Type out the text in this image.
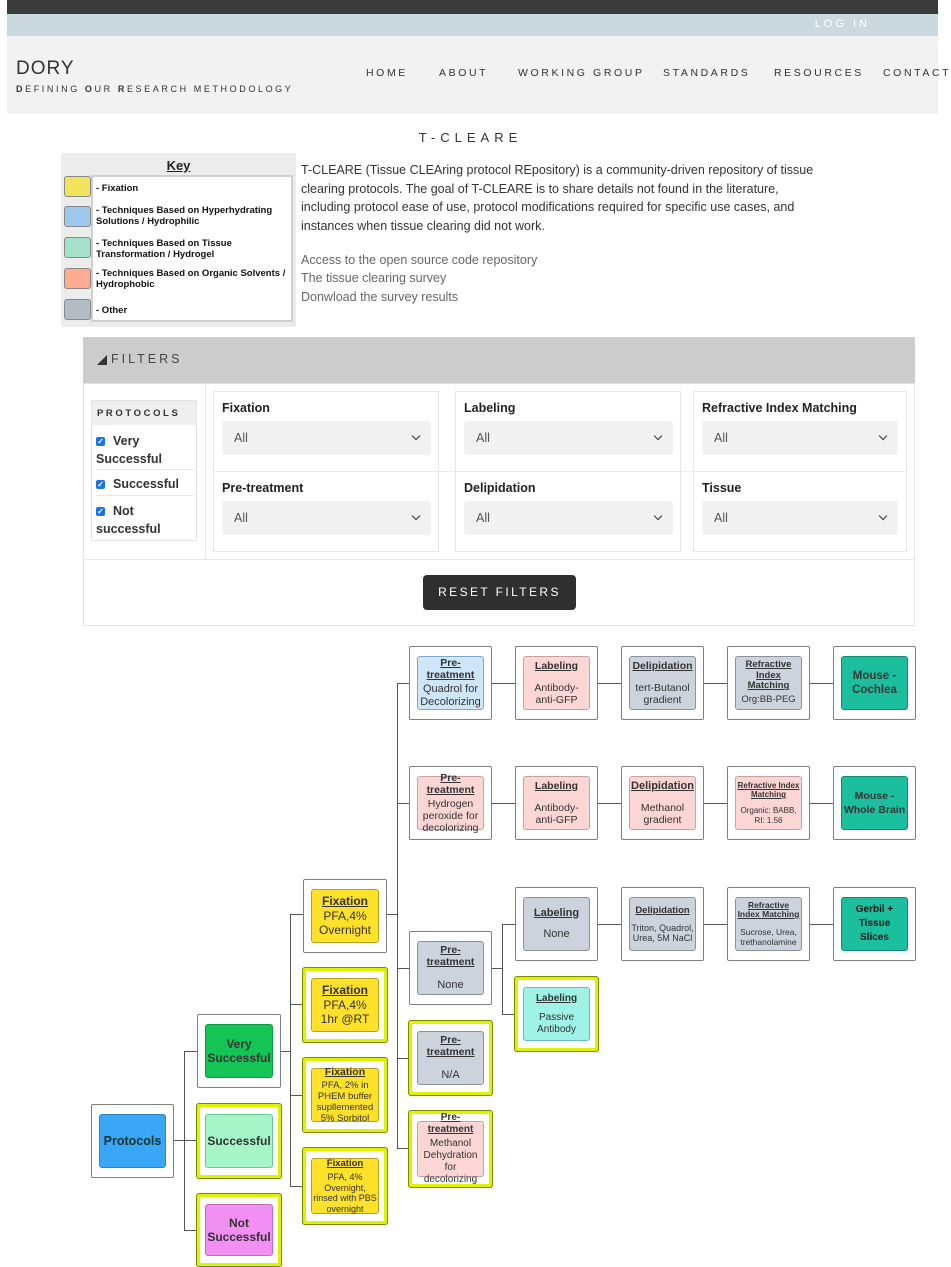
LOG IN
DORY
DEFINING OUR RESEARCH METHODOLOGY
HOME	ABOUT	WORKING GROUP STANDARDS RESOURCES CONTACT
T-CLEARE
Key
- Fixation
- Techniques Based on Hyperhydrating Solutions / Hydrophilic
- Techniques Based on Tissue Transformation / Hydrogel
- Techniques Based on Organic Solvents / Hydrophobic
- Other
T-CLEARE (Tissue CLEAring protocol REpository) is a community-driven repository of tissue clearing protocols. The goal of T-CLEARE is to share details not found in the literature, including protocol ease of use, protocol modifications required for specific use cases, and instances when tissue clearing did not work.
Access to the open source code repository
The tissue clearing survey
Donwload the survey results
FILTERS
PROTOCOLS
✓ Very Successful
✓ Successful
✓ Not successful
Fixation
All
Labeling
All
Refractive Index Matching
All
Pre-treatment
All
Delipidation
All
Tissue
All
RESET FILTERS
Protocols
Very Successful
Successful
Not Successful
Fixation
PFA,4% Overnight
Fixation
PFA,4% 1hr @RT
Fixation
PFA, 2% in PHEM buffer supllemented 5% Sorbitol
Fixation
PFA, 4% Overnight, rinsed with PBS overnight
Pre-treatment
Quadrol for Decolorizing
Pre-treatment
Hydrogen peroxide for decolorizing
Pre-treatment
None
Pre-treatment
N/A
Pre-treatment
Methanol Dehydration for decolorizing
Labeling
Antibody-anti-GFP
Labeling
Antibody-anti-GFP
Labeling
None
Labeling
Passive Antibody
Delipidation
tert-Butanol gradient
Delipidation
Methanol gradient
Delipidation
Triton, Quadrol, Urea, 5M NaCl
Refractive Index Matching
Org:BB-PEG
Refractive Index Matching
Organic: BABB, RI: 1.56
Refractive Index Matching
Sucrose, Urea, trethanolamine
Mouse - Cochlea
Mouse - Whole Brain
Gerbil + Tissue Slices
